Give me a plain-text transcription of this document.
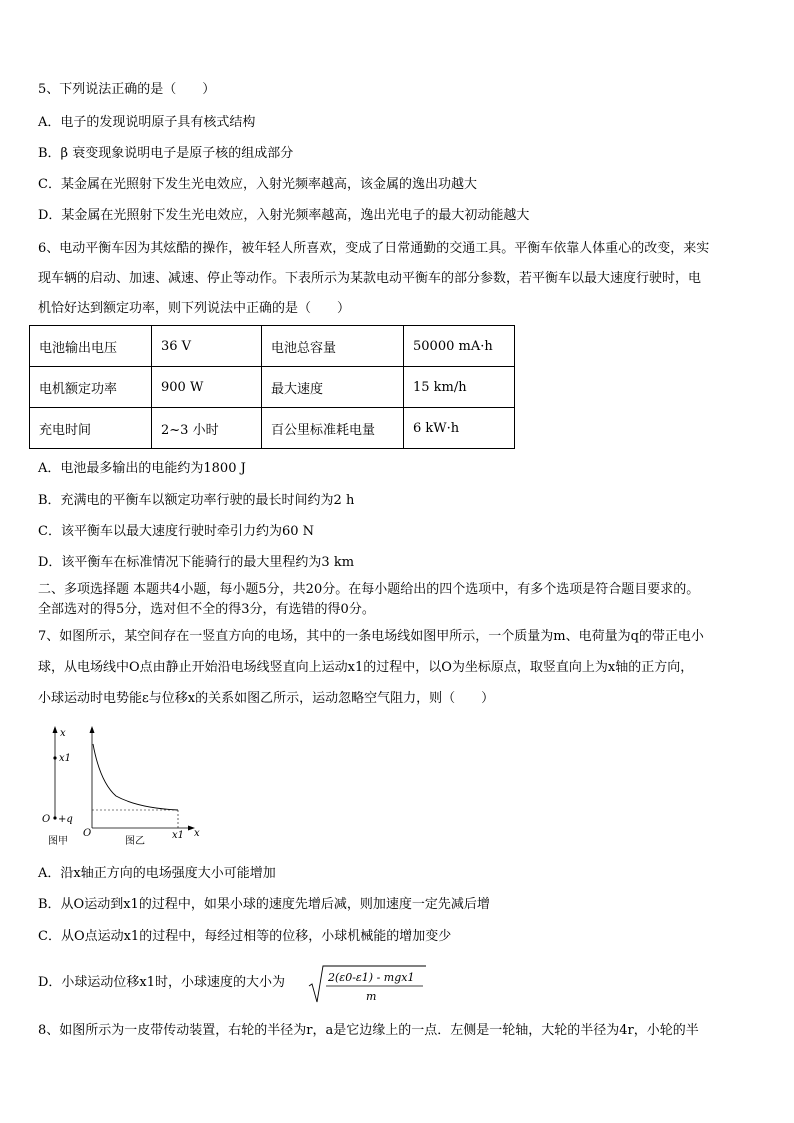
5、下列说法正确的是（　　）
A．电子的发现说明原子具有核式结构
B．β 衰变现象说明电子是原子核的组成部分
C．某金属在光照射下发生光电效应，入射光频率越高，该金属的逸出功越大
D．某金属在光照射下发生光电效应，入射光频率越高，逸出光电子的最大初动能越大
6、电动平衡车因为其炫酷的操作，被年轻人所喜欢，变成了日常通勤的交通工具。平衡车依靠人体重心的改变，来实
现车辆的启动、加速、减速、停止等动作。下表所示为某款电动平衡车的部分参数，若平衡车以最大速度行驶时，电
机恰好达到额定功率，则下列说法中正确的是（　　）
电池输出电压	36 V	电池总容量	50000 mA·h
电机额定功率	900 W	最大速度	15 km/h
充电时间	2~3 小时	百公里标准耗电量	6 kW·h
A．电池最多输出的电能约为1800 J
B．充满电的平衡车以额定功率行驶的最长时间约为2 h
C．该平衡车以最大速度行驶时牵引力约为60 N
D．该平衡车在标准情况下能骑行的最大里程约为3 km
二、多项选择题 本题共4小题，每小题5分，共20分。在每小题给出的四个选项中，有多个选项是符合题目要求的。
全部选对的得5分，选对但不全的得3分，有选错的得0分。
7、如图所示，某空间存在一竖直方向的电场，其中的一条电场线如图甲所示，一个质量为m、电荷量为q的带正电小
球，从电场线中O点由静止开始沿电场线竖直向上运动x1的过程中，以O为坐标原点，取竖直向上为x轴的正方向，
小球运动时电势能ε与位移x的关系如图乙所示，运动忽略空气阻力，则（　　）
x
x1
O +q
图甲
O	x1 x
图乙
A．沿x轴正方向的电场强度大小可能增加
B．从O运动到x1的过程中，如果小球的速度先增后减，则加速度一定先减后增
C．从O点运动x1的过程中，每经过相等的位移，小球机械能的增加变少
D．小球运动位移x1时，小球速度的大小为	2(ε0-ε1) - mgx1
m
8、如图所示为一皮带传动装置，右轮的半径为r，a是它边缘上的一点．左侧是一轮轴，大轮的半径为4r，小轮的半
